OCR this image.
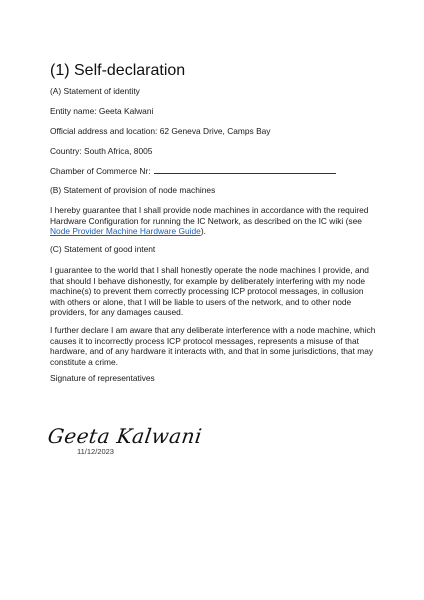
(1) Self-declaration

(A) Statement of identity

Entity name: Geeta Kalwani

Official address and location: 62 Geneva Drive, Camps Bay

Country: South Africa, 8005

Chamber of Commerce Nr:

(B) Statement of provision of node machines

I hereby guarantee that I shall provide node machines in accordance with the required Hardware Configuration for running the IC Network, as described on the IC wiki (see Node Provider Machine Hardware Guide).

(C) Statement of good intent

I guarantee to the world that I shall honestly operate the node machines I provide, and that should I behave dishonestly, for example by deliberately interfering with my node machine(s) to prevent them correctly processing ICP protocol messages, in collusion with others or alone, that I will be liable to users of the network, and to other node providers, for any damages caused.

I further declare I am aware that any deliberate interference with a node machine, which causes it to incorrectly process ICP protocol messages, represents a misuse of that hardware, and of any hardware it interacts with, and that in some jurisdictions, that may constitute a crime.

Signature of representatives

Geeta Kalwani
11/12/2023
